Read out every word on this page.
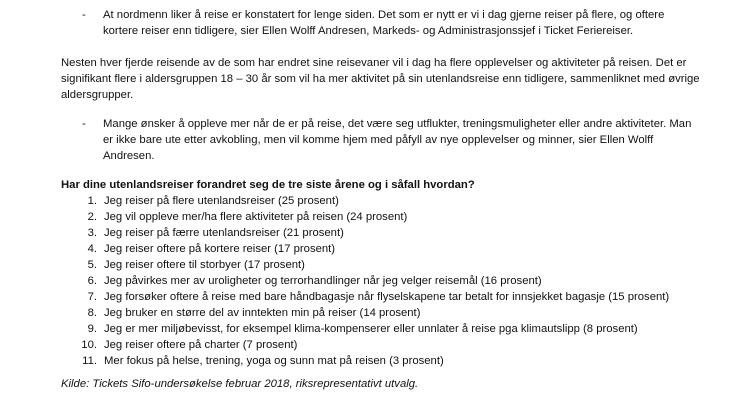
-	At nordmenn liker å reise er konstatert for lenge siden. Det som er nytt er vi i dag gjerne reiser på flere, og oftere kortere reiser enn tidligere, sier Ellen Wolff Andresen, Markeds- og Administrasjonssjef i Ticket Feriereiser.
Nesten hver fjerde reisende av de som har endret sine reisevaner vil i dag ha flere opplevelser og aktiviteter på reisen. Det er signifikant flere i aldersgruppen 18 – 30 år som vil ha mer aktivitet på sin utenlandsreise enn tidligere, sammenliknet med øvrige aldersgrupper.
-	Mange ønsker å oppleve mer når de er på reise, det være seg utflukter, treningsmuligheter eller andre aktiviteter. Man er ikke bare ute etter avkobling, men vil komme hjem med påfyll av nye opplevelser og minner, sier Ellen Wolff Andresen.
Har dine utenlandsreiser forandret seg de tre siste årene og i såfall hvordan?
1. Jeg reiser på flere utenlandsreiser (25 prosent)
2. Jeg vil oppleve mer/ha flere aktiviteter på reisen (24 prosent)
3. Jeg reiser på færre utenlandsreiser (21 prosent)
4. Jeg reiser oftere på kortere reiser (17 prosent)
5. Jeg reiser oftere til storbyer (17 prosent)
6. Jeg påvirkes mer av uroligheter og terrorhandlinger når jeg velger reisemål (16 prosent)
7. Jeg forsøker oftere å reise med bare håndbagasje når flyselskapene tar betalt for innsjekket bagasje (15 prosent)
8. Jeg bruker en større del av inntekten min på reiser (14 prosent)
9. Jeg er mer miljøbevisst, for eksempel klima-kompenserer eller unnlater å reise pga klimautslipp (8 prosent)
10. Jeg reiser oftere på charter (7 prosent)
11. Mer fokus på helse, trening, yoga og sunn mat på reisen (3 prosent)
Kilde: Tickets Sifo-undersøkelse februar 2018, riksrepresentativt utvalg.
